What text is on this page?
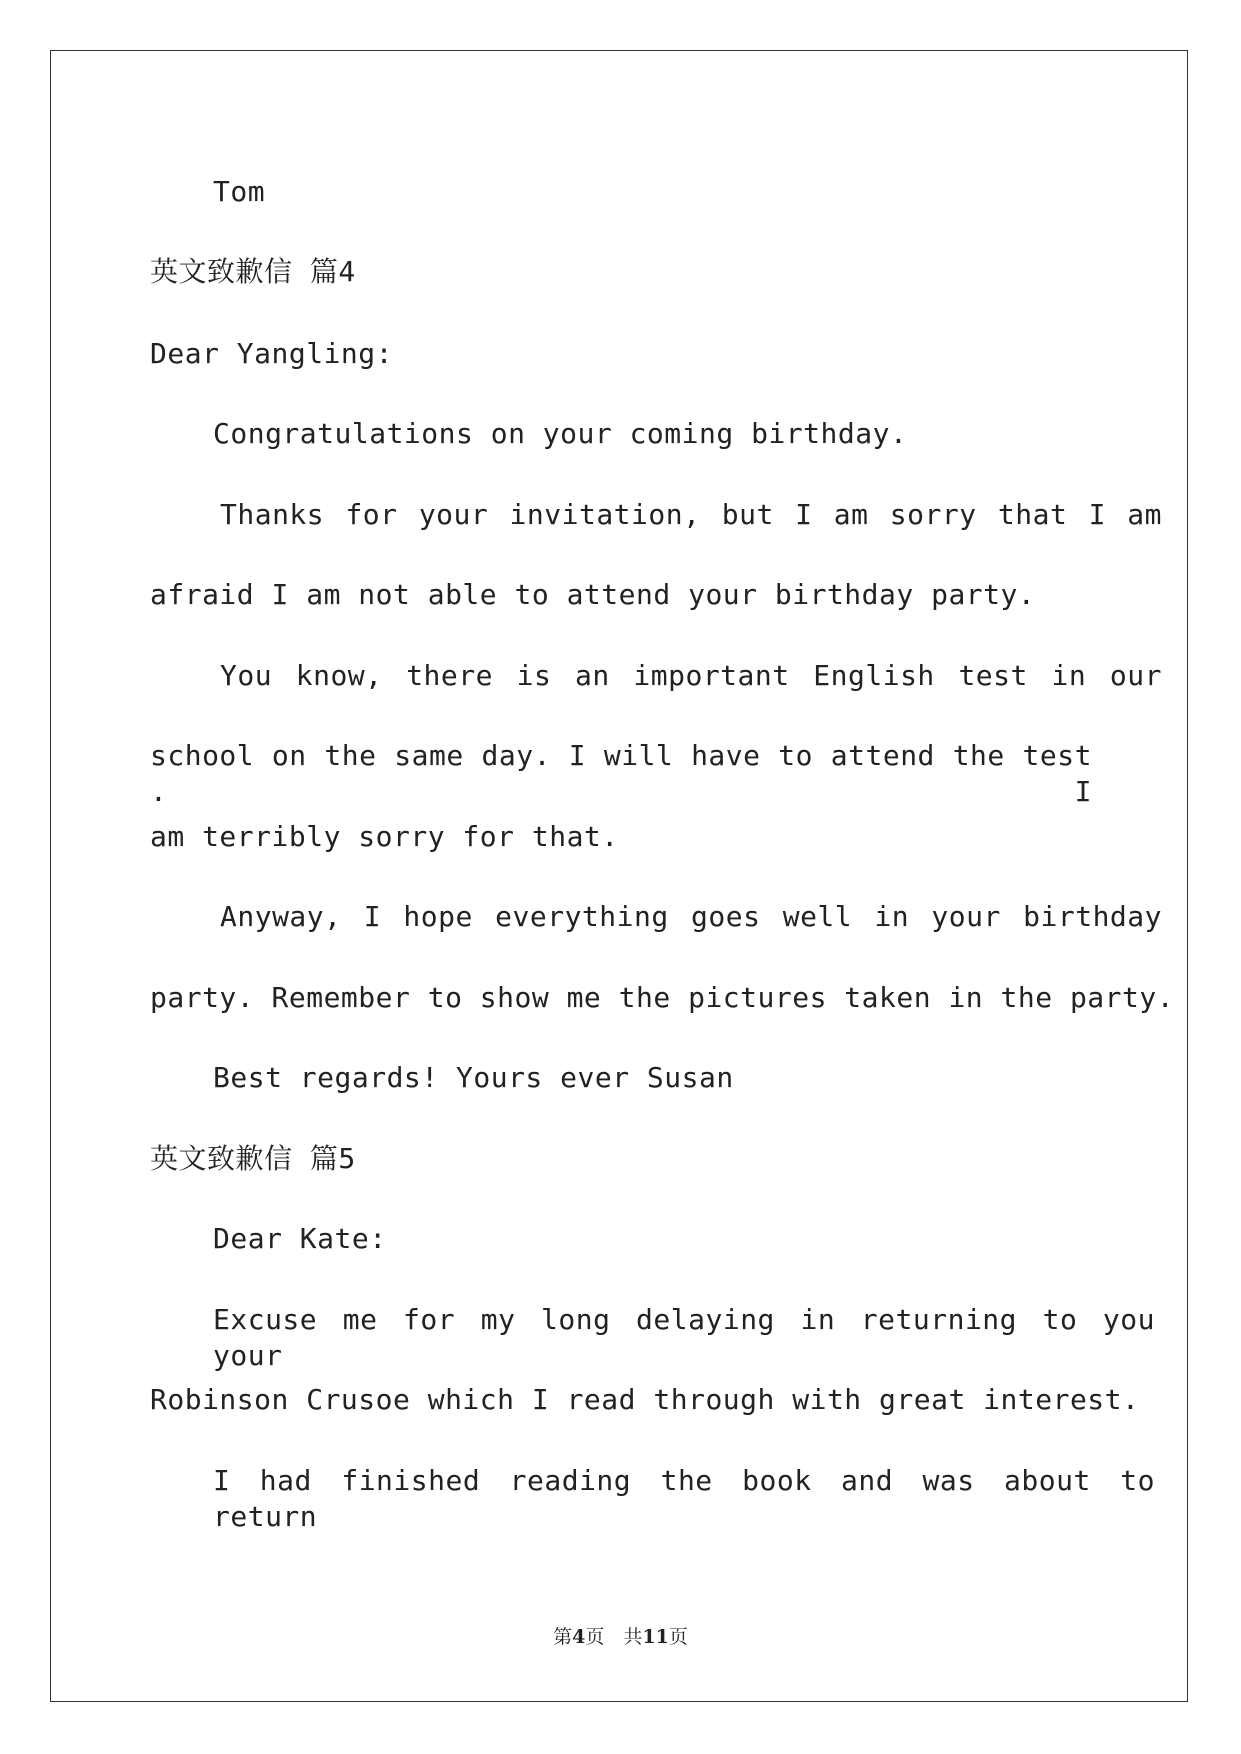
Tom
英文致歉信 篇4
Dear Yangling:
Congratulations on your coming birthday.
Thanks for your invitation, but I am sorry that I am
afraid I am not able to attend your birthday party.
You know, there is an important English test in our
school on the same day. I will have to attend the test . I
am terribly sorry for that.
Anyway, I hope everything goes well in your birthday
party. Remember to show me the pictures taken in the party.
Best regards! Yours ever Susan
英文致歉信 篇5
Dear Kate:
Excuse me for my long delaying in returning to you your
Robinson Crusoe which I read through with great interest.
I had finished reading the book and was about to return
第4页　共11页
